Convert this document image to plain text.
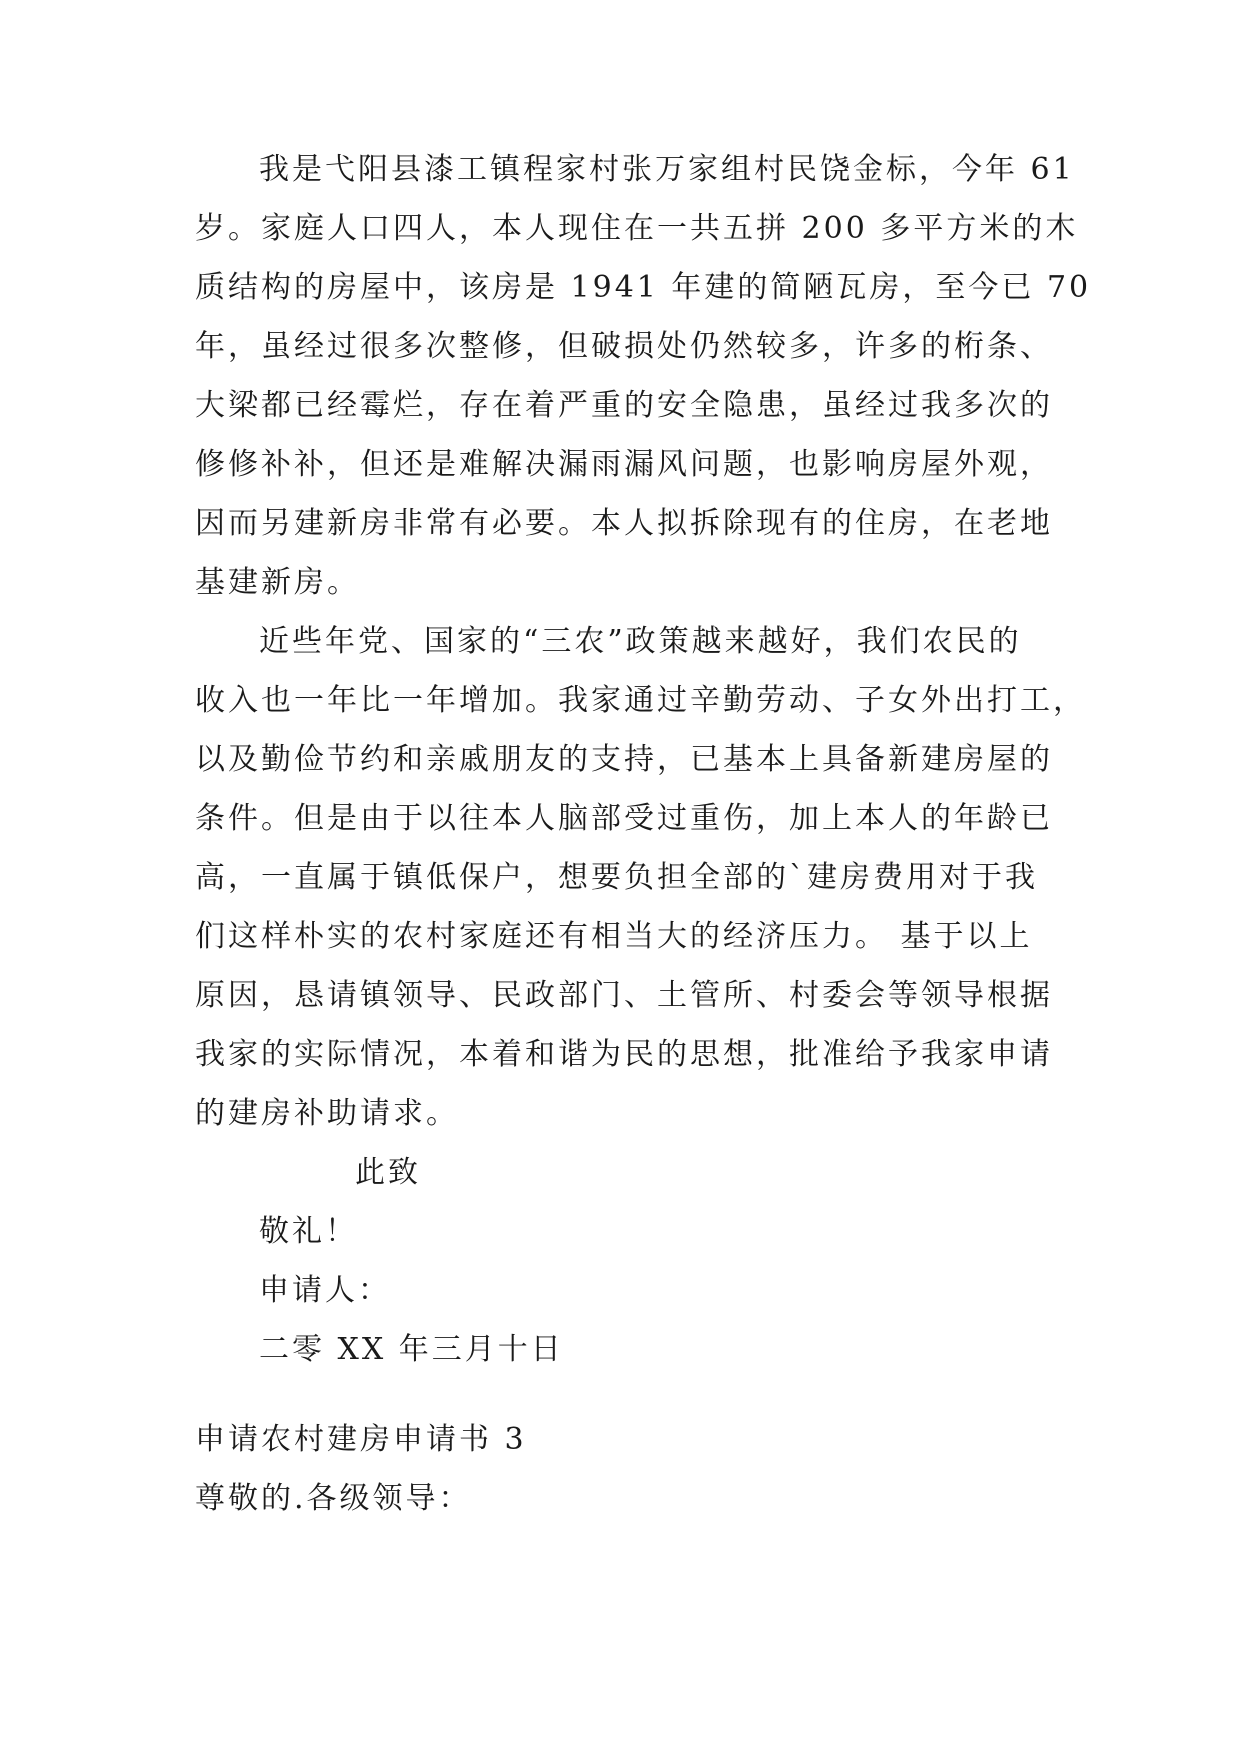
我是弋阳县漆工镇程家村张万家组村民饶金标，今年 61
岁。家庭人口四人，本人现住在一共五拼 200 多平方米的木
质结构的房屋中，该房是 1941 年建的简陋瓦房，至今已 70
年，虽经过很多次整修，但破损处仍然较多，许多的桁条、
大梁都已经霉烂，存在着严重的安全隐患，虽经过我多次的
修修补补，但还是难解决漏雨漏风问题，也影响房屋外观，
因而另建新房非常有必要。本人拟拆除现有的住房，在老地
基建新房。
近些年党、国家的“三农”政策越来越好，我们农民的
收入也一年比一年增加。我家通过辛勤劳动、子女外出打工，
以及勤俭节约和亲戚朋友的支持，已基本上具备新建房屋的
条件。但是由于以往本人脑部受过重伤，加上本人的年龄已
高，一直属于镇低保户，想要负担全部的`建房费用对于我
们这样朴实的农村家庭还有相当大的经济压力。 基于以上
原因，恳请镇领导、民政部门、土管所、村委会等领导根据
我家的实际情况，本着和谐为民的思想，批准给予我家申请
的建房补助请求。
此致
敬礼！
申请人：
二零 XX 年三月十日
申请农村建房申请书 3
尊敬的.各级领导：
